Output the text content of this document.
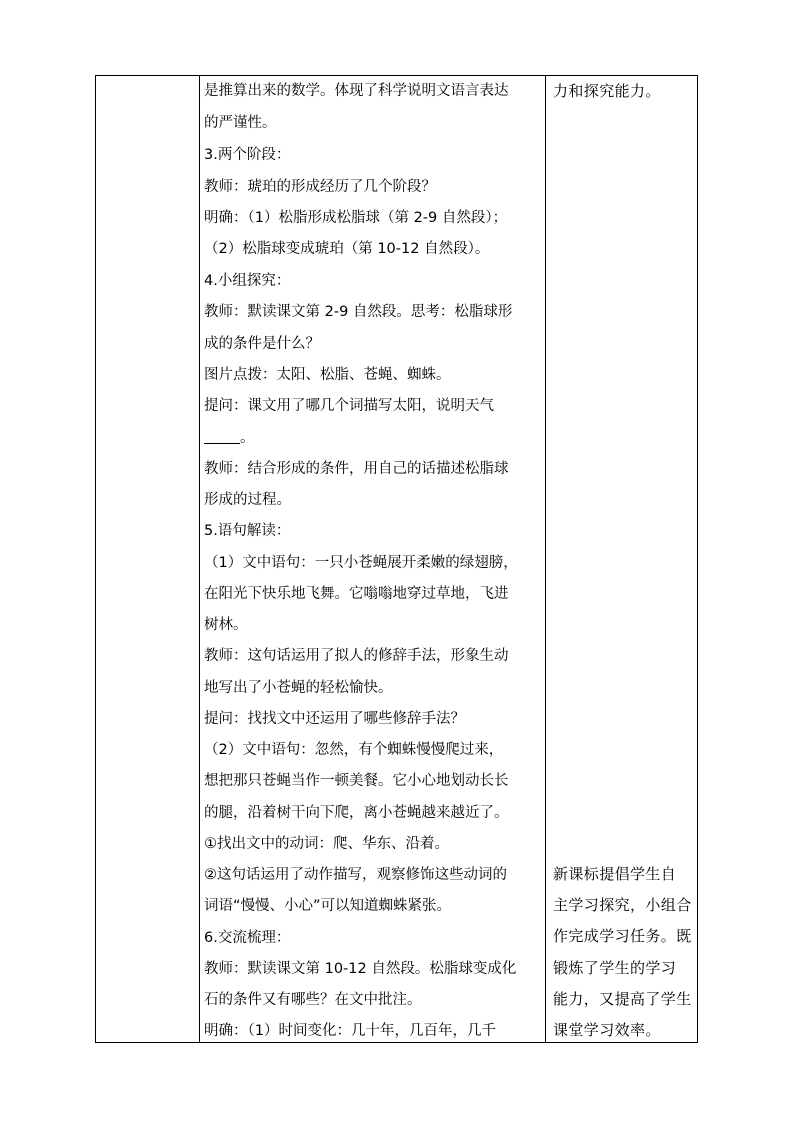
是推算出来的数学。体现了科学说明文语言表达
的严谨性。
3.两个阶段：
教师：琥珀的形成经历了几个阶段？
明确：（1）松脂形成松脂球（第 2-9 自然段）；
（2）松脂球变成琥珀（第 10-12 自然段）。
4.小组探究：
教师：默读课文第 2-9 自然段。思考：松脂球形
成的条件是什么？
图片点拨：太阳、松脂、苍蝇、蜘蛛。
提问：课文用了哪几个词描写太阳，说明天气
。
教师：结合形成的条件，用自己的话描述松脂球
形成的过程。
5.语句解读：
（1）文中语句：一只小苍蝇展开柔嫩的绿翅膀，
在阳光下快乐地飞舞。它嗡嗡地穿过草地，飞进
树林。
教师：这句话运用了拟人的修辞手法，形象生动
地写出了小苍蝇的轻松愉快。
提问：找找文中还运用了哪些修辞手法？
（2）文中语句：忽然，有个蜘蛛慢慢爬过来，
想把那只苍蝇当作一顿美餐。它小心地划动长长
的腿，沿着树干向下爬，离小苍蝇越来越近了。
①找出文中的动词：爬、华东、沿着。
②这句话运用了动作描写，观察修饰这些动词的
词语“慢慢、小心”可以知道蜘蛛紧张。
6.交流梳理：
教师：默读课文第 10-12 自然段。松脂球变成化
石的条件又有哪些？在文中批注。
明确：（1）时间变化：几十年，几百年，几千
力和探究能力。
新课标提倡学生自
主学习探究，小组合
作完成学习任务。既
锻炼了学生的学习
能力，又提高了学生
课堂学习效率。
